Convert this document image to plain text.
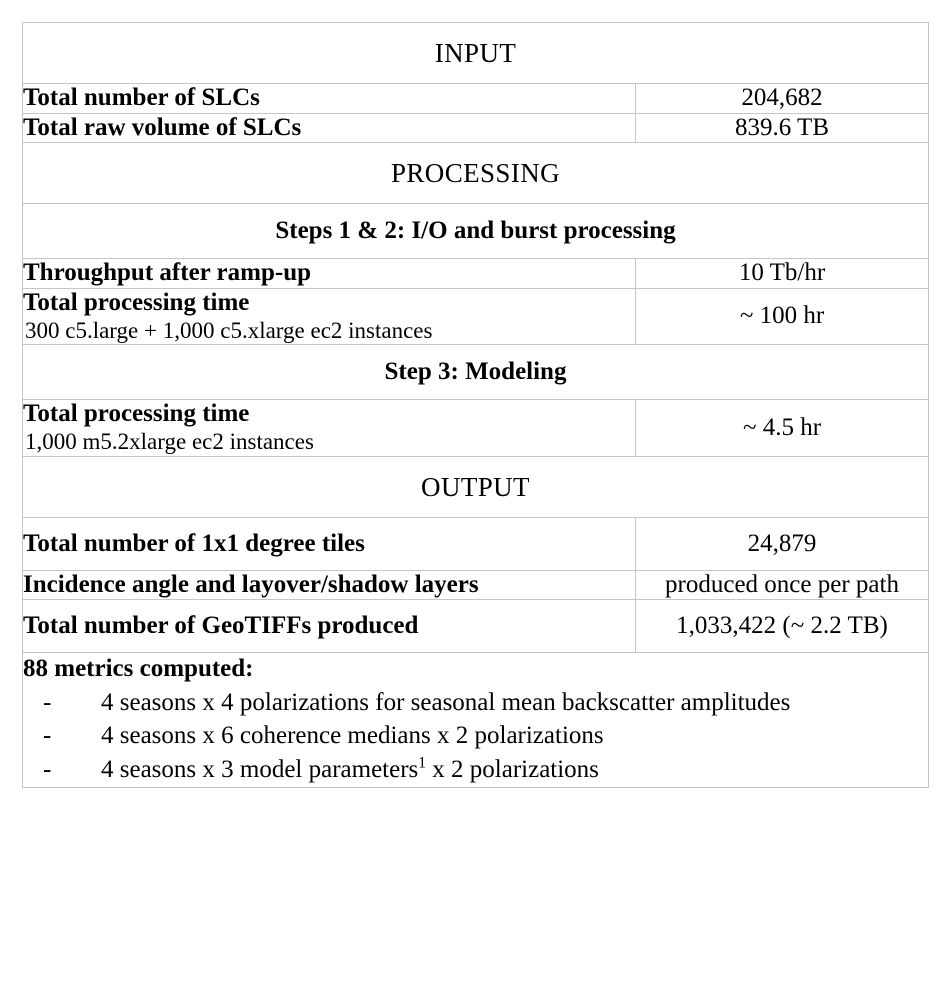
INPUT	
Total number of SLCs	204,682
Total raw volume of SLCs	839.6 TB
PROCESSING	
Steps 1 & 2: I/O and burst processing	
Throughput after ramp-up	10 Tb/hr
Total processing time
300 c5.large + 1,000 c5.xlarge ec2 instances	~ 100 hr
Step 3: Modeling	
Total processing time
1,000 m5.2xlarge ec2 instances	~ 4.5 hr
OUTPUT	
Total number of 1x1 degree tiles	24,879
Incidence angle and layover/shadow layers	produced once per path
Total number of GeoTIFFs produced	1,033,422 (~ 2.2 TB)

88 metrics computed:
- 4 seasons x 4 polarizations for seasonal mean backscatter amplitudes
- 4 seasons x 6 coherence medians x 2 polarizations
- 4 seasons x 3 model parameters$^1$ x 2 polarizations
